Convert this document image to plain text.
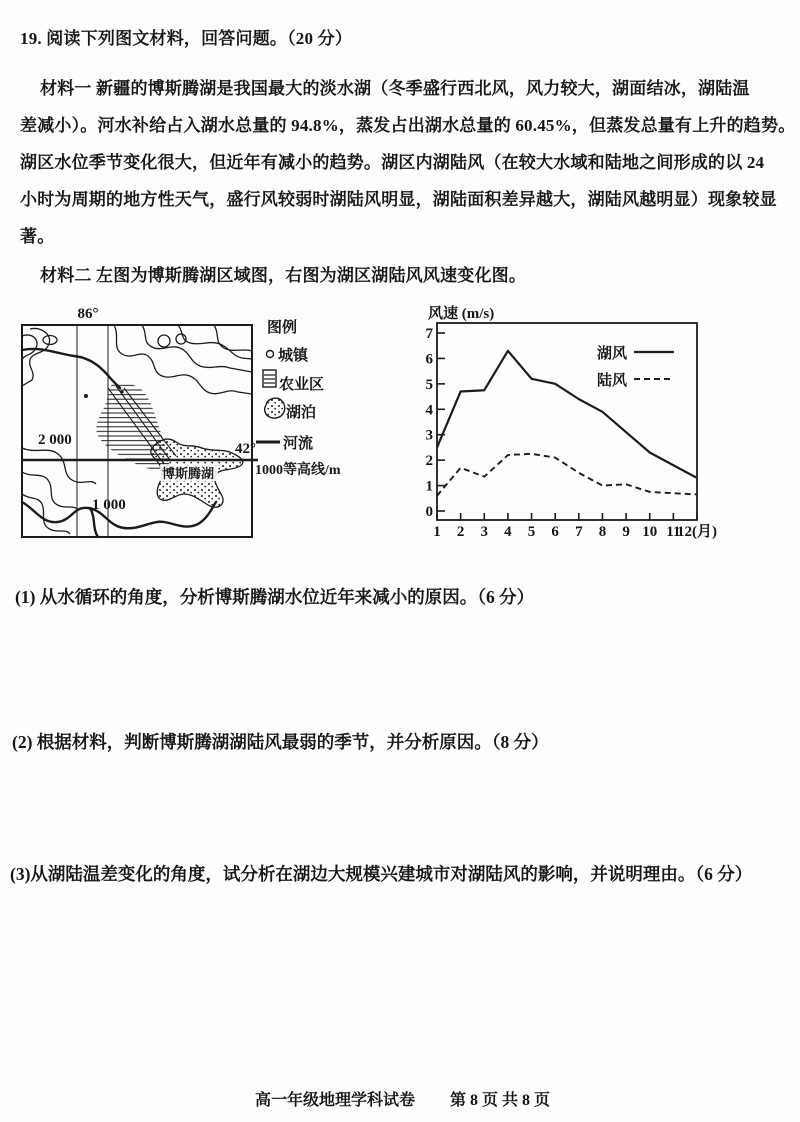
19. 阅读下列图文材料，回答问题。（20 分）
材料一 新疆的博斯腾湖是我国最大的淡水湖（冬季盛行西北风，风力较大，湖面结冰，湖陆温
差减小）。河水补给占入湖水总量的 94.8%，蒸发占出湖水总量的 60.45%，但蒸发总量有上升的趋势。
湖区水位季节变化很大，但近年有减小的趋势。湖区内湖陆风（在较大水域和陆地之间形成的以 24
小时为周期的地方性天气，盛行风较弱时湖陆风明显，湖陆面积差异越大，湖陆风越明显）现象较显
著。
材料二 左图为博斯腾湖区域图，右图为湖区湖陆风风速变化图。
博斯腾湖
86°
42°
2 000
1 000
图例
城镇
农业区
湖泊
河流
1000等高线/m
风速 (m/s)
0
1
2
3
4
5
6
7
1 2 3 4 5 6 7 8 9 10 11
12(月)
湖风
陆风
(1) 从水循环的角度，分析博斯腾湖水位近年来减小的原因。（6 分）
(2) 根据材料，判断博斯腾湖湖陆风最弱的季节，并分析原因。（8 分）
(3)从湖陆温差变化的角度，试分析在湖边大规模兴建城市对湖陆风的影响，并说明理由。（6 分）
高一年级地理学科试卷 第 8 页 共 8 页
